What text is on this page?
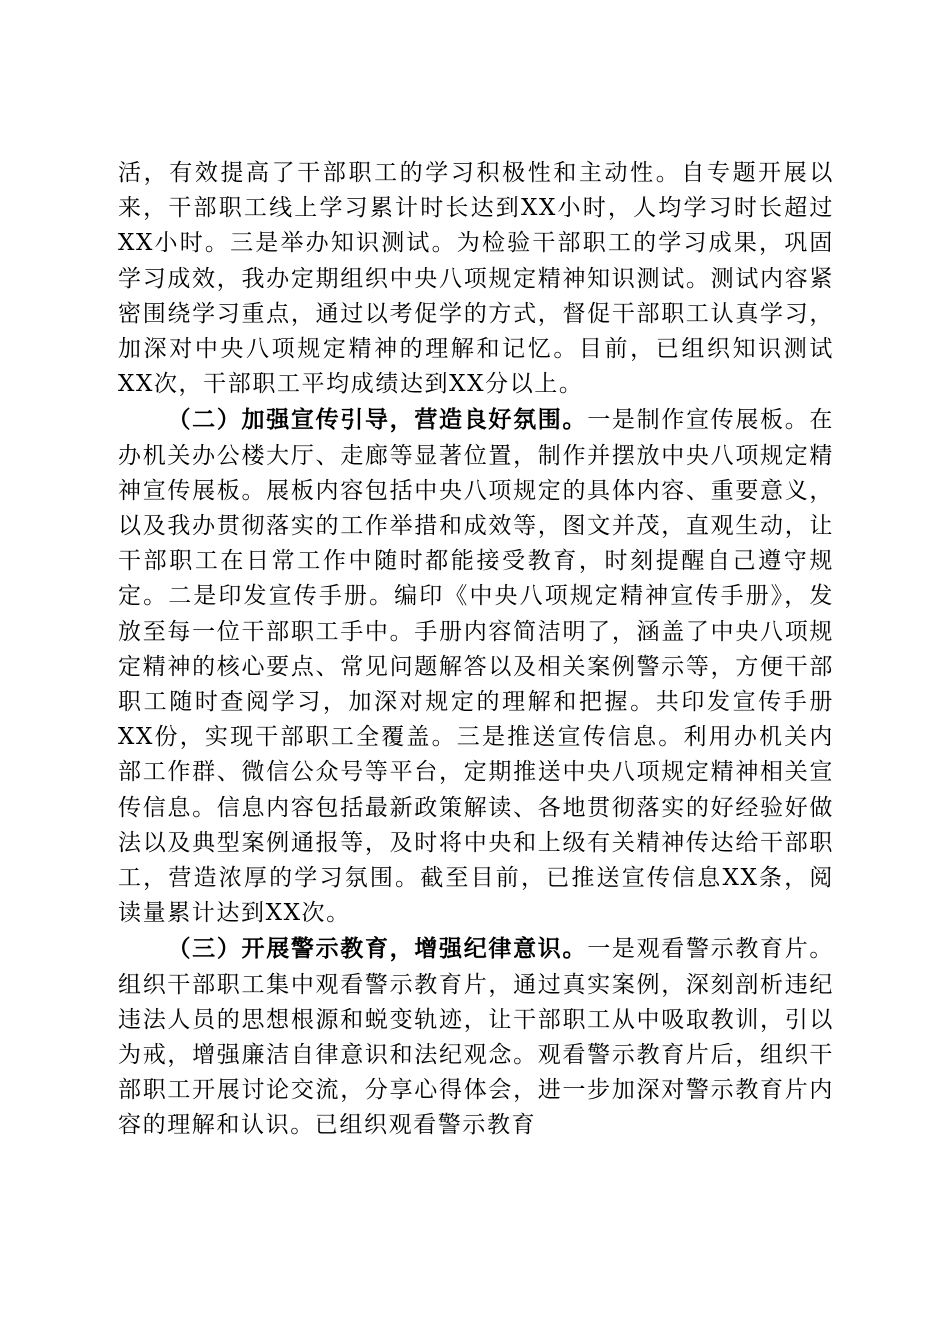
活，有效提高了干部职工的学习积极性和主动性。自专题开展以来，干部职工线上学习累计时长达到XX小时，人均学习时长超过XX小时。三是举办知识测试。为检验干部职工的学习成果，巩固学习成效，我办定期组织中央八项规定精神知识测试。测试内容紧密围绕学习重点，通过以考促学的方式，督促干部职工认真学习，加深对中央八项规定精神的理解和记忆。目前，已组织知识测试XX次，干部职工平均成绩达到XX分以上。

（二）加强宣传引导，营造良好氛围。一是制作宣传展板。在办机关办公楼大厅、走廊等显著位置，制作并摆放中央八项规定精神宣传展板。展板内容包括中央八项规定的具体内容、重要意义，以及我办贯彻落实的工作举措和成效等，图文并茂，直观生动，让干部职工在日常工作中随时都能接受教育，时刻提醒自己遵守规定。二是印发宣传手册。编印《中央八项规定精神宣传手册》，发放至每一位干部职工手中。手册内容简洁明了，涵盖了中央八项规定精神的核心要点、常见问题解答以及相关案例警示等，方便干部职工随时查阅学习，加深对规定的理解和把握。共印发宣传手册XX份，实现干部职工全覆盖。三是推送宣传信息。利用办机关内部工作群、微信公众号等平台，定期推送中央八项规定精神相关宣传信息。信息内容包括最新政策解读、各地贯彻落实的好经验好做法以及典型案例通报等，及时将中央和上级有关精神传达给干部职工，营造浓厚的学习氛围。截至目前，已推送宣传信息XX条，阅读量累计达到XX次。

（三）开展警示教育，增强纪律意识。一是观看警示教育片。组织干部职工集中观看警示教育片，通过真实案例，深刻剖析违纪违法人员的思想根源和蜕变轨迹，让干部职工从中吸取教训，引以为戒，增强廉洁自律意识和法纪观念。观看警示教育片后，组织干部职工开展讨论交流，分享心得体会，进一步加深对警示教育片内容的理解和认识。已组织观看警示教育
